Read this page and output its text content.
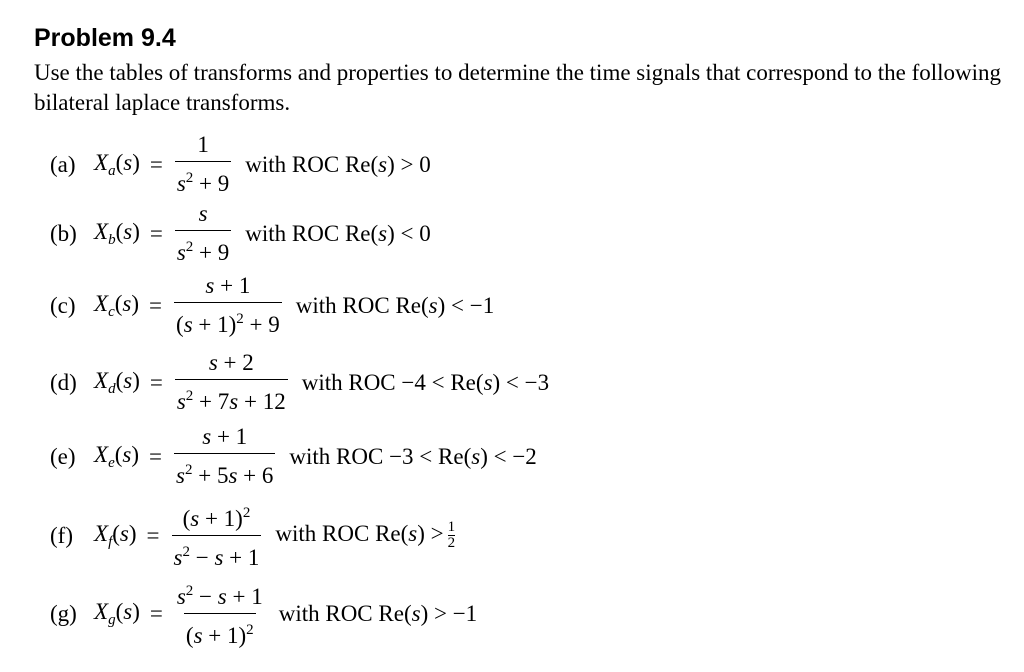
Problem 9.4
Use the tables of transforms and properties to determine the time signals that correspond to the following bilateral laplace transforms.
(a) $X_a(s) = \frac{1}{s^2 + 9}$ with ROC Re(s) > 0
(b) $X_b(s) = \frac{s}{s^2 + 9}$ with ROC Re(s) < 0
(c) $X_c(s) = \frac{s + 1}{(s + 1)^2 + 9}$ with ROC Re(s) < −1
(d) $X_d(s) = \frac{s + 2}{s^2 + 7s + 12}$ with ROC −4 < Re(s) < −3
(e) $X_e(s) = \frac{s + 1}{s^2 + 5s + 6}$ with ROC −3 < Re(s) < −2
(f) $X_f(s) = \frac{(s + 1)^2}{s^2 - s + 1}$ with ROC $Re(s) > \frac{1}{2}$
(g) $X_g(s) = \frac{s^2 - s + 1}{(s + 1)^2}$ with ROC Re(s) > −1
